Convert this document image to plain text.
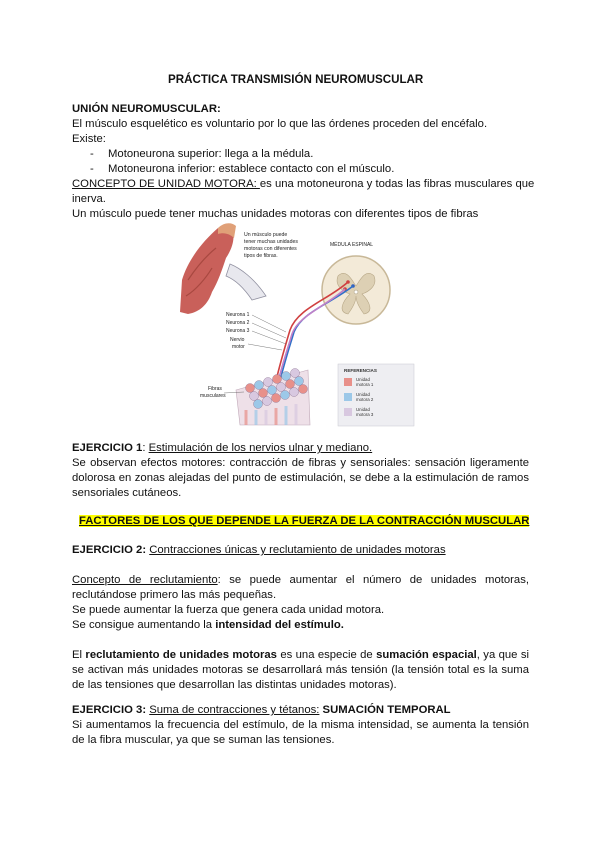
PRÁCTICA TRANSMISIÓN NEUROMUSCULAR
UNIÓN NEUROMUSCULAR:
El músculo esquelético es voluntario por lo que las órdenes proceden del encéfalo.
Existe:
- Motoneurona superior: llega a la médula.
- Motoneurona inferior: establece contacto con el músculo.
CONCEPTO DE UNIDAD MOTORA: es una motoneurona y todas las fibras musculares que
inerva.
Un músculo puede tener muchas unidades motoras con diferentes tipos de fibras
Un músculo puede
tener muchas unidades
motoras con diferentes
tipos de fibras.
MÉDULA ESPINAL
Neurona 1
Neurona 2
Neurona 3
Nervio
motor
Fibras
musculares
REFERENCIAS
Unidad
motora 1
Unidad
motora 2
Unidad
motora 3
EJERCICIO 1: Estimulación de los nervios ulnar y mediano.
Se observan efectos motores: contracción de fibras y sensoriales: sensación ligeramente dolorosa en zonas alejadas del punto de estimulación, se debe a la estimulación de ramos sensoriales cutáneos.
FACTORES DE LOS QUE DEPENDE LA FUERZA DE LA CONTRACCIÓN MUSCULAR
EJERCICIO 2: Contracciones únicas y reclutamiento de unidades motoras
Concepto de reclutamiento: se puede aumentar el número de unidades motoras, reclutándose primero las más pequeñas.
Se puede aumentar la fuerza que genera cada unidad motora.
Se consigue aumentando la intensidad del estímulo.
El reclutamiento de unidades motoras es una especie de sumación espacial, ya que si se activan más unidades motoras se desarrollará más tensión (la tensión total es la suma de las tensiones que desarrollan las distintas unidades motoras).
EJERCICIO 3: Suma de contracciones y tétanos: SUMACIÓN TEMPORAL
Si aumentamos la frecuencia del estímulo, de la misma intensidad, se aumenta la tensión de la fibra muscular, ya que se suman las tensiones.
